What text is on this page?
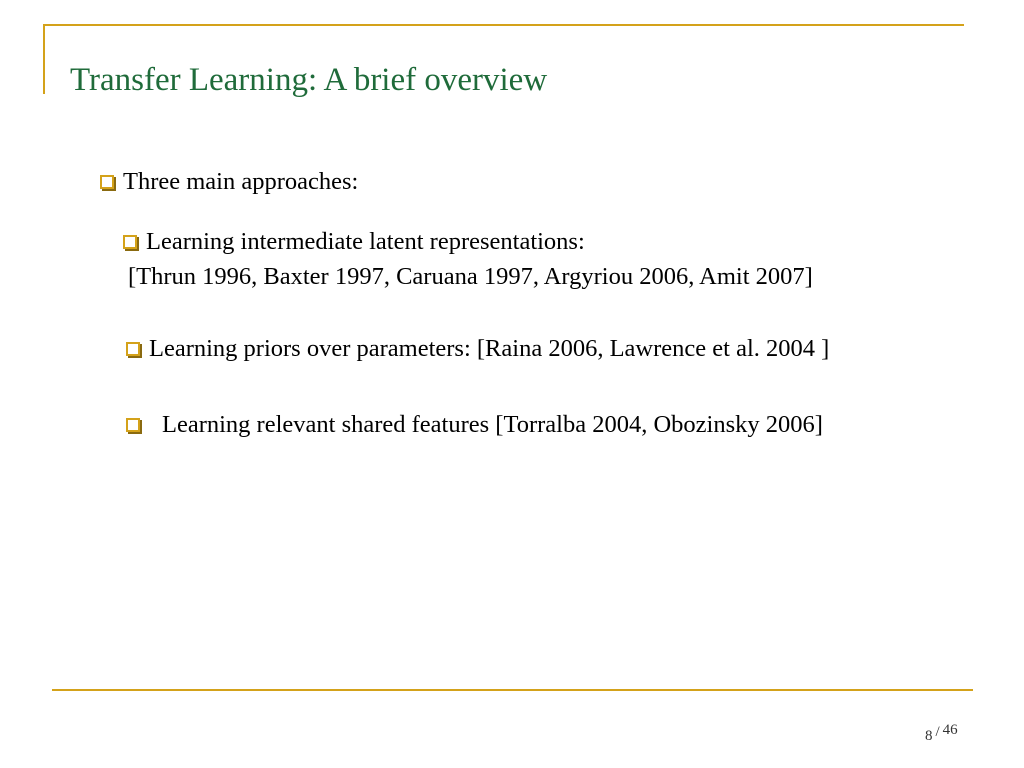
Transfer Learning: A brief overview
Three main approaches:
Learning intermediate latent representations:
[Thrun 1996, Baxter 1997, Caruana 1997, Argyriou 2006, Amit 2007]
Learning priors over parameters: [Raina 2006, Lawrence et al. 2004 ]
Learning relevant shared features [Torralba 2004, Obozinsky 2006]
8 / 46
